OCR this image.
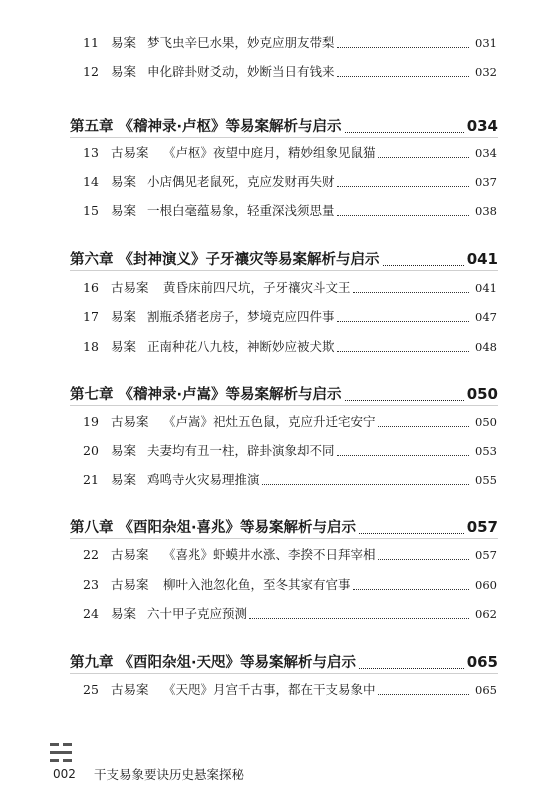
11 易案 梦飞虫辛巳水果，妙克应朋友带梨	031
12 易案 申化辟卦财爻动，妙断当日有钱来	032
第五章 《稽神录·卢枢》等易案解析与启示	034
13 古易案	《卢枢》夜望中庭月，精妙组象见鼠猫	034
14 易案 小店偶见老鼠死，克应发财再失财	037
15 易案 一根白毫蕴易象，轻重深浅须思量	038
第六章 《封神演义》子牙禳灾等易案解析与启示	041
16 古易案	黄昏床前四尺坑，子牙禳灾斗文王	041
17 易案 割瓶杀猪老房子，梦境克应四件事	047
18 易案 正南种花八九枝，神断妙应被犬欺	048
第七章 《稽神录·卢嵩》等易案解析与启示	050
19 古易案	《卢嵩》祀灶五色鼠，克应升迁宅安宁	050
20 易案 夫妻均有丑一柱，辟卦演象却不同	053
21 易案 鸡鸣寺火灾易理推演	055
第八章 《酉阳杂俎·喜兆》等易案解析与启示	057
22 古易案	《喜兆》虾蟆井水涨、李揆不日拜宰相	057
23 古易案	柳叶入池忽化鱼，至冬其家有官事	060
24 易案 六十甲子克应预测	062
第九章 《酉阳杂俎·天咫》等易案解析与启示	065
25 古易案	《天咫》月宫千古事，都在干支易象中	065
002 干支易象要诀历史悬案探秘
